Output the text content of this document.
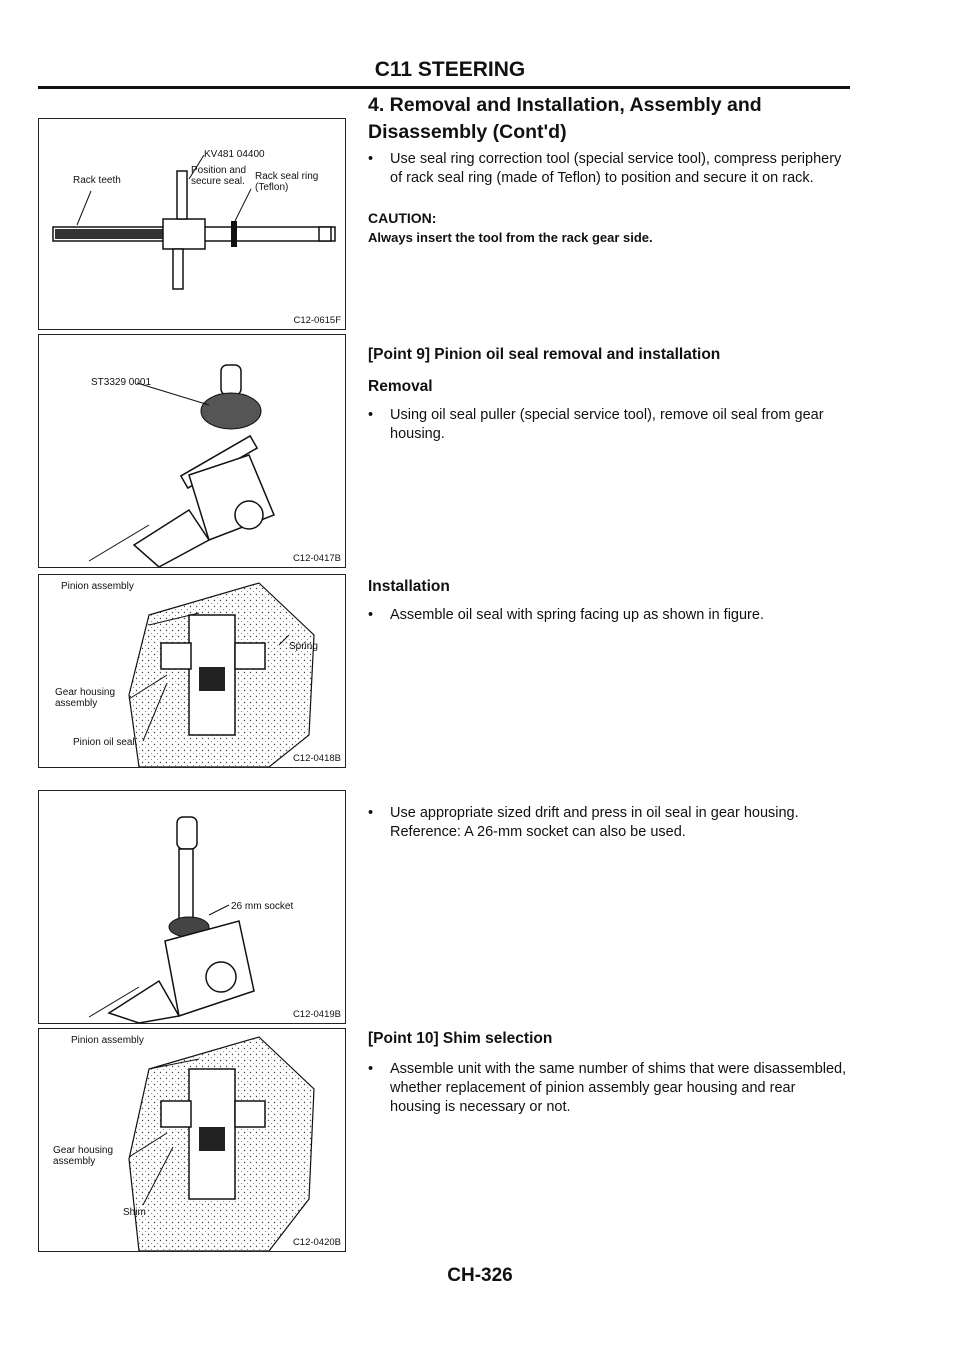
C11 STEERING
4. Removal and Installation, Assembly and Disassembly (Cont'd)
KV481 04400
Position and secure seal.
Rack teeth	Rack seal ring (Teflon)
C12-0615F
ST3329 0001
C12-0417B
Pinion assembly
Spring
Gear housing assembly
Pinion oil seal
C12-0418B
26 mm socket
C12-0419B
Pinion assembly
Gear housing assembly
Shim
C12-0420B
•	Use seal ring correction tool (special service tool), compress periphery of rack seal ring (made of Teflon) to position and secure it on rack.
CAUTION:
Always insert the tool from the rack gear side.
[Point 9] Pinion oil seal removal and installation
Removal
•	Using oil seal puller (special service tool), remove oil seal from gear housing.
Installation
•	Assemble oil seal with spring facing up as shown in figure.
•	Use appropriate sized drift and press in oil seal in gear housing.
Reference: A 26-mm socket can also be used.
[Point 10] Shim selection
•	Assemble unit with the same number of shims that were disassembled, whether replacement of pinion assembly gear housing and rear housing is necessary or not.
CH-326
